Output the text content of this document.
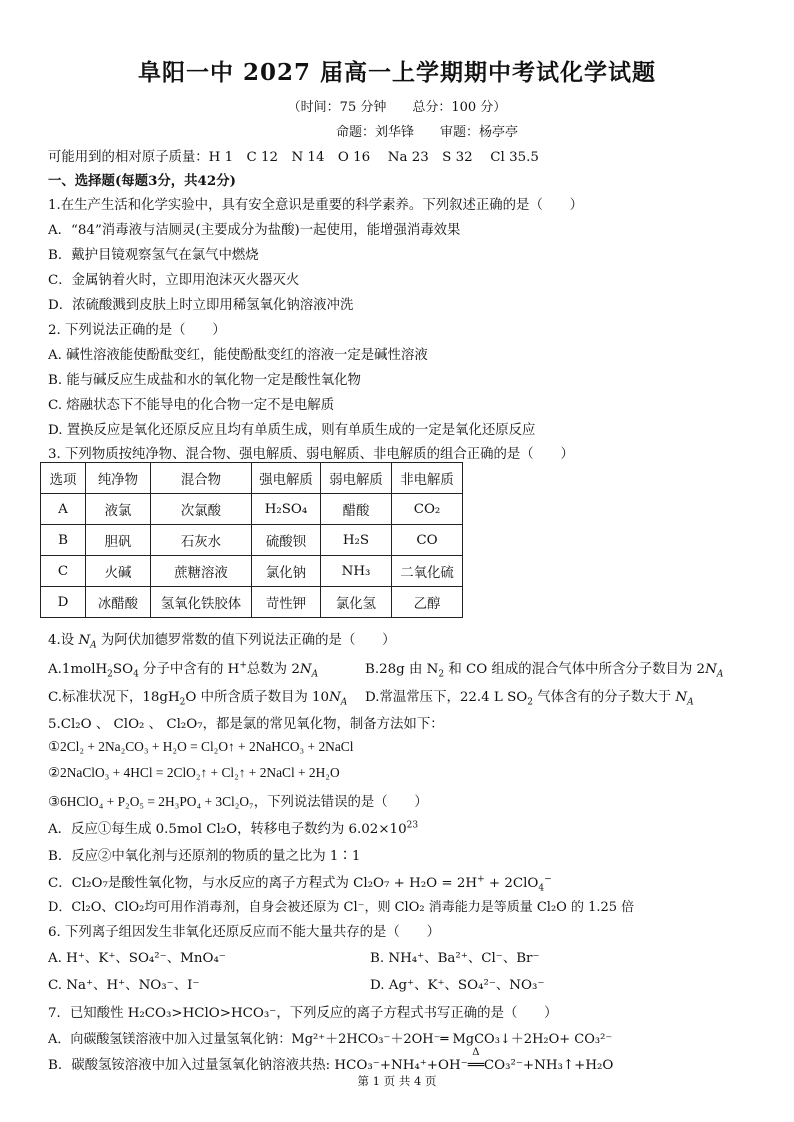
阜阳一中 2027 届高一上学期期中考试化学试题
（时间：75 分钟 总分：100 分）
命题：刘华锋 审题：杨亭亭
可能用到的相对原子质量：H 1　C 12　N 14　O 16　 Na 23　S 32　 Cl 35.5
一、选择题(每题3分，共42分)
1.在生产生活和化学实验中，具有安全意识是重要的科学素养。下列叙述正确的是（　　）
A．“84”消毒液与洁厕灵(主要成分为盐酸)一起使用，能增强消毒效果
B．戴护目镜观察氢气在氯气中燃烧
C．金属钠着火时，立即用泡沫灭火器灭火
D．浓硫酸溅到皮肤上时立即用稀氢氧化钠溶液冲洗
2. 下列说法正确的是（　　）
A. 碱性溶液能使酚酞变红，能使酚酞变红的溶液一定是碱性溶液
B. 能与碱反应生成盐和水的氧化物一定是酸性氧化物
C. 熔融状态下不能导电的化合物一定不是电解质
D. 置换反应是氧化还原反应且均有单质生成，则有单质生成的一定是氧化还原反应
3. 下列物质按纯净物、混合物、强电解质、弱电解质、非电解质的组合正确的是（　　）
选项	纯净物	混合物	强电解质	弱电解质	非电解质
A	液氯	次氯酸	H₂SO₄	醋酸	CO₂
B	胆矾	石灰水	硫酸钡	H₂S	CO
C	火碱	蔗糖溶液	氯化钠	NH₃	二氧化硫
D	冰醋酸	氢氧化铁胶体	苛性钾	氯化氢	乙醇
4.设 $N_A$ 为阿伏加德罗常数的值下列说法正确的是（　　）
$A.1molH_2SO_4$ 分子中含有的 H+总数为 $2N_A$	B.28g 由 $N_2$ 和 CO 组成的混合气体中所含分子数目为 $2N_A$
C.标准状况下，$18gH_2O$ 中所含质子数目为 $10N_A$ D.常温常压下，22.4 L $SO_2$ 气体含有的分子数大于 $N_A$
5.Cl₂O 、 ClO₂ 、 Cl₂O₇，都是氯的常见氧化物，制备方法如下：
①2Cl₂ + 2Na₂CO₃ + H₂O = Cl₂O↑ + 2NaHCO₃ + 2NaCl
②2NaClO₃ + 4HCl = 2ClO₂↑ + Cl₂↑ + 2NaCl + 2H₂O
③6HClO₄ + P₂O₅ = 2H₃PO₄ + 3Cl₂O₇，下列说法错误的是（　　）
A．反应①每生成 0.5mol Cl₂O，转移电子数约为 $6.02\times 10^{23}$
B．反应②中氧化剂与还原剂的物质的量之比为 1∶1
C．Cl₂O₇是酸性氧化物，与水反应的离子方程式为 Cl₂O₇ + H₂O = 2H+ + 2ClO$_4$−
D．Cl₂O、ClO₂均可用作消毒剂，自身会被还原为 Cl⁻，则 ClO₂ 消毒能力是等质量 Cl₂O 的 1.25 倍
6. 下列离子组因发生非氧化还原反应而不能大量共存的是（　　）
A. H⁺、K⁺、SO₄²⁻、MnO₄⁻	B. NH₄⁺、Ba²⁺、Cl⁻、Br⁻
C. Na⁺、H⁺、NO₃⁻、I⁻	D. Ag⁺、K⁺、SO₄²⁻、NO₃⁻
7．已知酸性 H₂CO₃>HClO>HCO₃⁻，下列反应的离子方程式书写正确的是（　　）
A．向碳酸氢镁溶液中加入过量氢氧化钠：Mg²⁺＋2HCO₃⁻＋2OH⁻═ MgCO₃↓＋2H₂O+ CO₃²⁻
B．碳酸氢铵溶液中加入过量氢氧化钠溶液共热: HCO₃⁻+NH₄⁺+OH⁻
Δ
══CO₃²⁻+NH₃↑+H₂O
第 1 页 共 4 页
